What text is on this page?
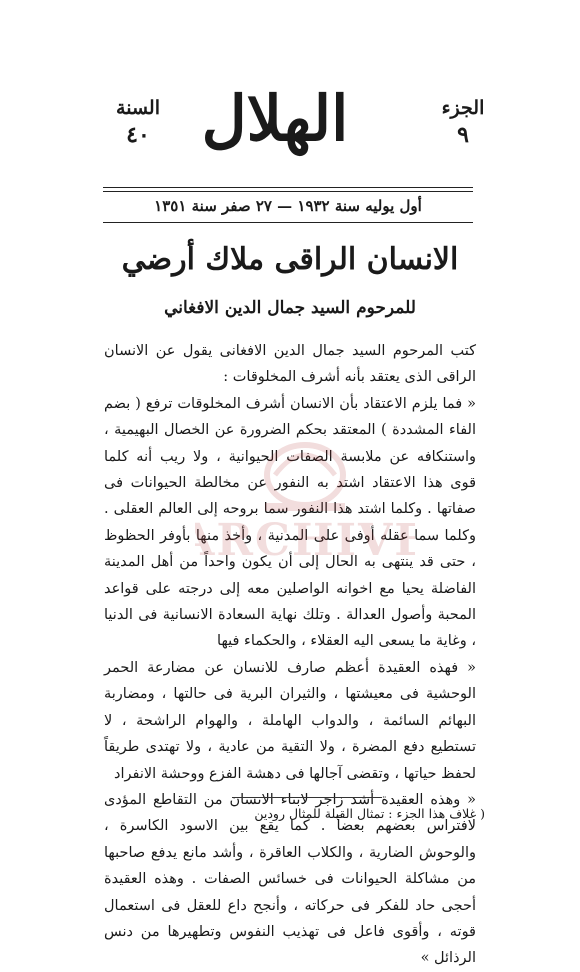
الجزء
٩
السنة
٤٠ الهلال
أول يوليه سنة ١٩٣٢ — ٢٧ صفر سنة ١٣٥١
الانسان الراقى ملاك أرضي
للمرحوم السيد جمال الدين الافغاني

كتب المرحوم السيد جمال الدين الافغانى يقول عن الانسان الراقى الذى يعتقد بأنه أشرف المخلوقات :

« فما يلزم الاعتقاد بأن الانسان أشرف المخلوقات ترفع ( بضم الفاء المشددة ) المعتقد بحكم الضرورة عن الخصال البهيمية ، واستنكافه عن ملابسة الصفات الحيوانية ، ولا ريب أنه كلما قوى هذا الاعتقاد اشتد به النفور عن مخالطة الحيوانات فى صفاتها . وكلما اشتد هذا النفور سما بروحه إلى العالم العقلى . وكلما سما عقله أوفى على المدنية ، وأخذ منها بأوفر الحظوظ ، حتى قد ينتهى به الحال إلى أن يكون واحداً من أهل المدينة الفاضلة يحيا مع اخوانه الواصلين معه إلى درجته على قواعد المحبة وأصول العدالة . وتلك نهاية السعادة الانسانية فى الدنيا ، وغاية ما يسعى اليه العقلاء ، والحكماء فيها

« فهذه العقيدة أعظم صارف للانسان عن مضارعة الحمر الوحشية فى معيشتها ، والثيران البرية فى حالتها ، ومضاربة البهائم السائمة ، والدواب الهاملة ، والهوام الراشحة ، لا تستطيع دفع المضرة ، ولا التقية من عادية ، ولا تهتدى طريقاً لحفظ حياتها ، وتقضى آجالها فى دهشة الفزع ووحشة الانفراد

« وهذه العقيدة أشد زاجر لابناء الانسان من التقاطع المؤدى لافتراس بعضهم بعضاً . كما يقع بين الاسود الكاسرة ، والوحوش الضارية ، والكلاب العاقرة ، وأشد مانع يدفع صاحبها من مشاكلة الحيوانات فى خسائس الصفات . وهذه العقيدة أحجى حاد للفكر فى حركاته ، وأنجح داع للعقل فى استعمال قوته ، وأقوى فاعل فى تهذيب النفوس وتطهيرها من دنس الرذائل »

( غلاف هذا الجزء : تمثال القبلة للمثال رودين
ARCHIVE
